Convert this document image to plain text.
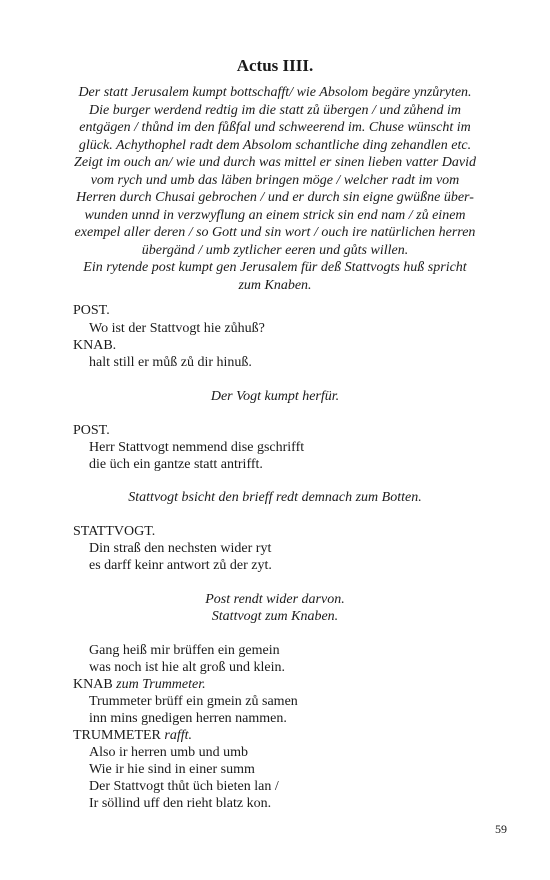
Actus IIII.
Der statt Jerusalem kumpt bottschafft/ wie Absolom begäre ynzůryten.
Die burger werdend redtig im die statt zů übergen / und zůhend im
entgägen / thůnd im den fůßfal und schweerend im. Chuse wünscht im
glück. Achythophel radt dem Absolom schantliche ding zehandlen etc.
Zeigt im ouch an/ wie und durch was mittel er sinen lieben vatter David
vom rych und umb das läben bringen möge / welcher radt im vom
Herren durch Chusai gebrochen / und er durch sin eigne gwüßne über-
wunden unnd in verzwyflung an einem strick sin end nam / zů einem
exempel aller deren / so Gott und sin wort / ouch ire natürlichen herren
übergänd / umb zytlicher eeren und gůts willen.
Ein rytende post kumpt gen Jerusalem für deß Stattvogts huß spricht
zum Knaben.
POST.
Wo ist der Stattvogt hie zůhuß?
KNAB.
halt still er můß zů dir hinuß.
Der Vogt kumpt herfür.
POST.
Herr Stattvogt nemmend dise gschrifft
die üch ein gantze statt antrifft.
Stattvogt bsicht den brieff redt demnach zum Botten.
STATTVOGT.
Din straß den nechsten wider ryt
es darff keinr antwort zů der zyt.
Post rendt wider darvon.
Stattvogt zum Knaben.
Gang heiß mir brüffen ein gemein
was noch ist hie alt groß und klein.
KNAB zum Trummeter.
Trummeter brüff ein gmein zů samen
inn mins gnedigen herren nammen.
TRUMMETER rafft.
Also ir herren umb und umb
Wie ir hie sind in einer summ
Der Stattvogt thůt üch bieten lan /
Ir söllind uff den rieht blatz kon.
59
